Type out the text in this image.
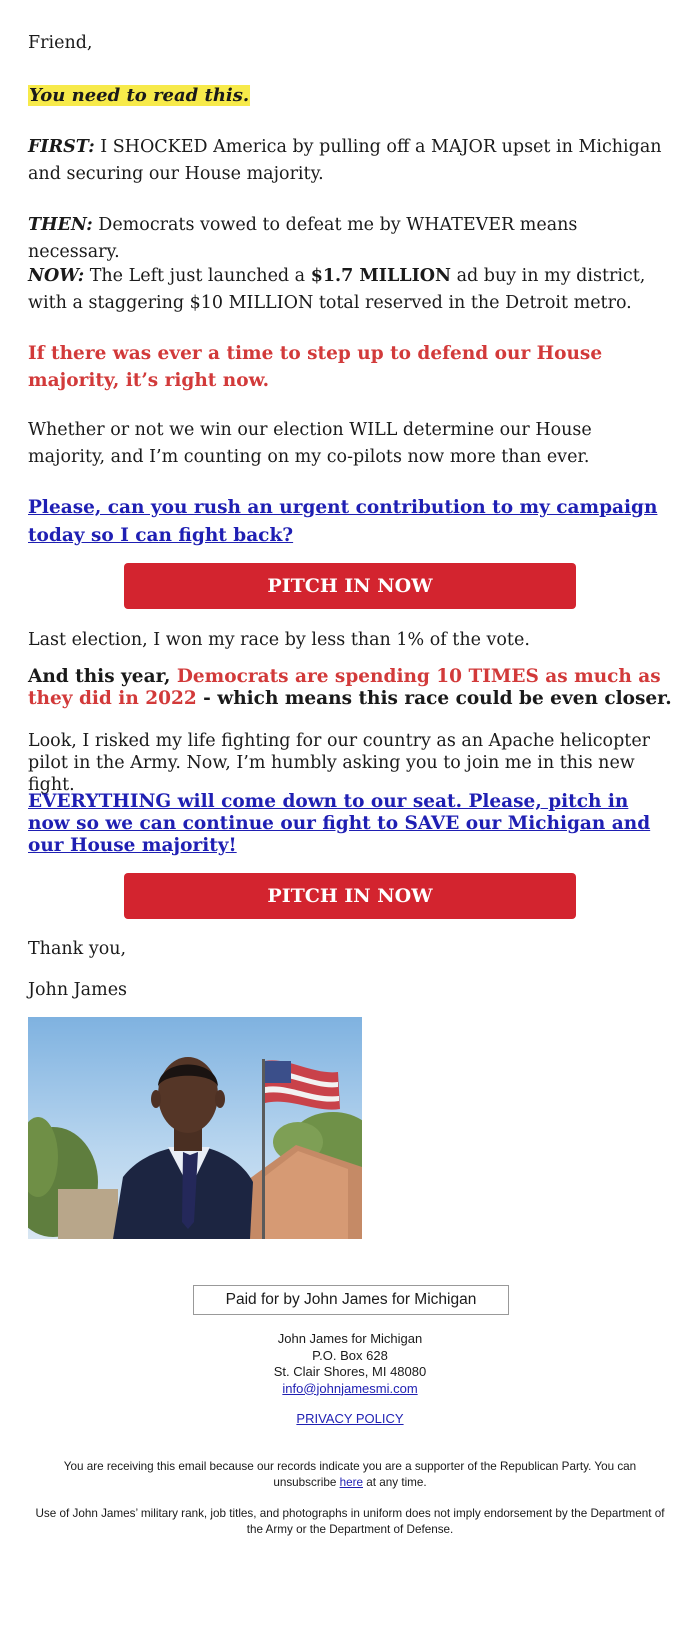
Friend,

You need to read this.

FIRST: I SHOCKED America by pulling off a MAJOR upset in Michigan and securing our House majority.

THEN: Democrats vowed to defeat me by WHATEVER means necessary.

NOW: The Left just launched a $1.7 MILLION ad buy in my district, with a staggering $10 MILLION total reserved in the Detroit metro.

If there was ever a time to step up to defend our House majority, it’s right now.

Whether or not we win our election WILL determine our House majority, and I’m counting on my co-pilots now more than ever.

Please, can you rush an urgent contribution to my campaign today so I can fight back?

PITCH IN NOW

Last election, I won my race by less than 1% of the vote.

And this year, Democrats are spending 10 TIMES as much as they did in 2022 - which means this race could be even closer.

Look, I risked my life fighting for our country as an Apache helicopter pilot in the Army. Now, I’m humbly asking you to join me in this new fight.

EVERYTHING will come down to our seat. Please, pitch in now so we can continue our fight to SAVE our Michigan and our House majority!

PITCH IN NOW

Thank you,

John James

Paid for by John James for Michigan
John James for Michigan
P.O. Box 628
St. Clair Shores, MI 48080
info@johnjamesmi.com
PRIVACY POLICY
You are receiving this email because our records indicate you are a supporter of the Republican Party. You can unsubscribe here at any time.
Use of John James’ military rank, job titles, and photographs in uniform does not imply endorsement by the Department of the Army or the Department of Defense.
